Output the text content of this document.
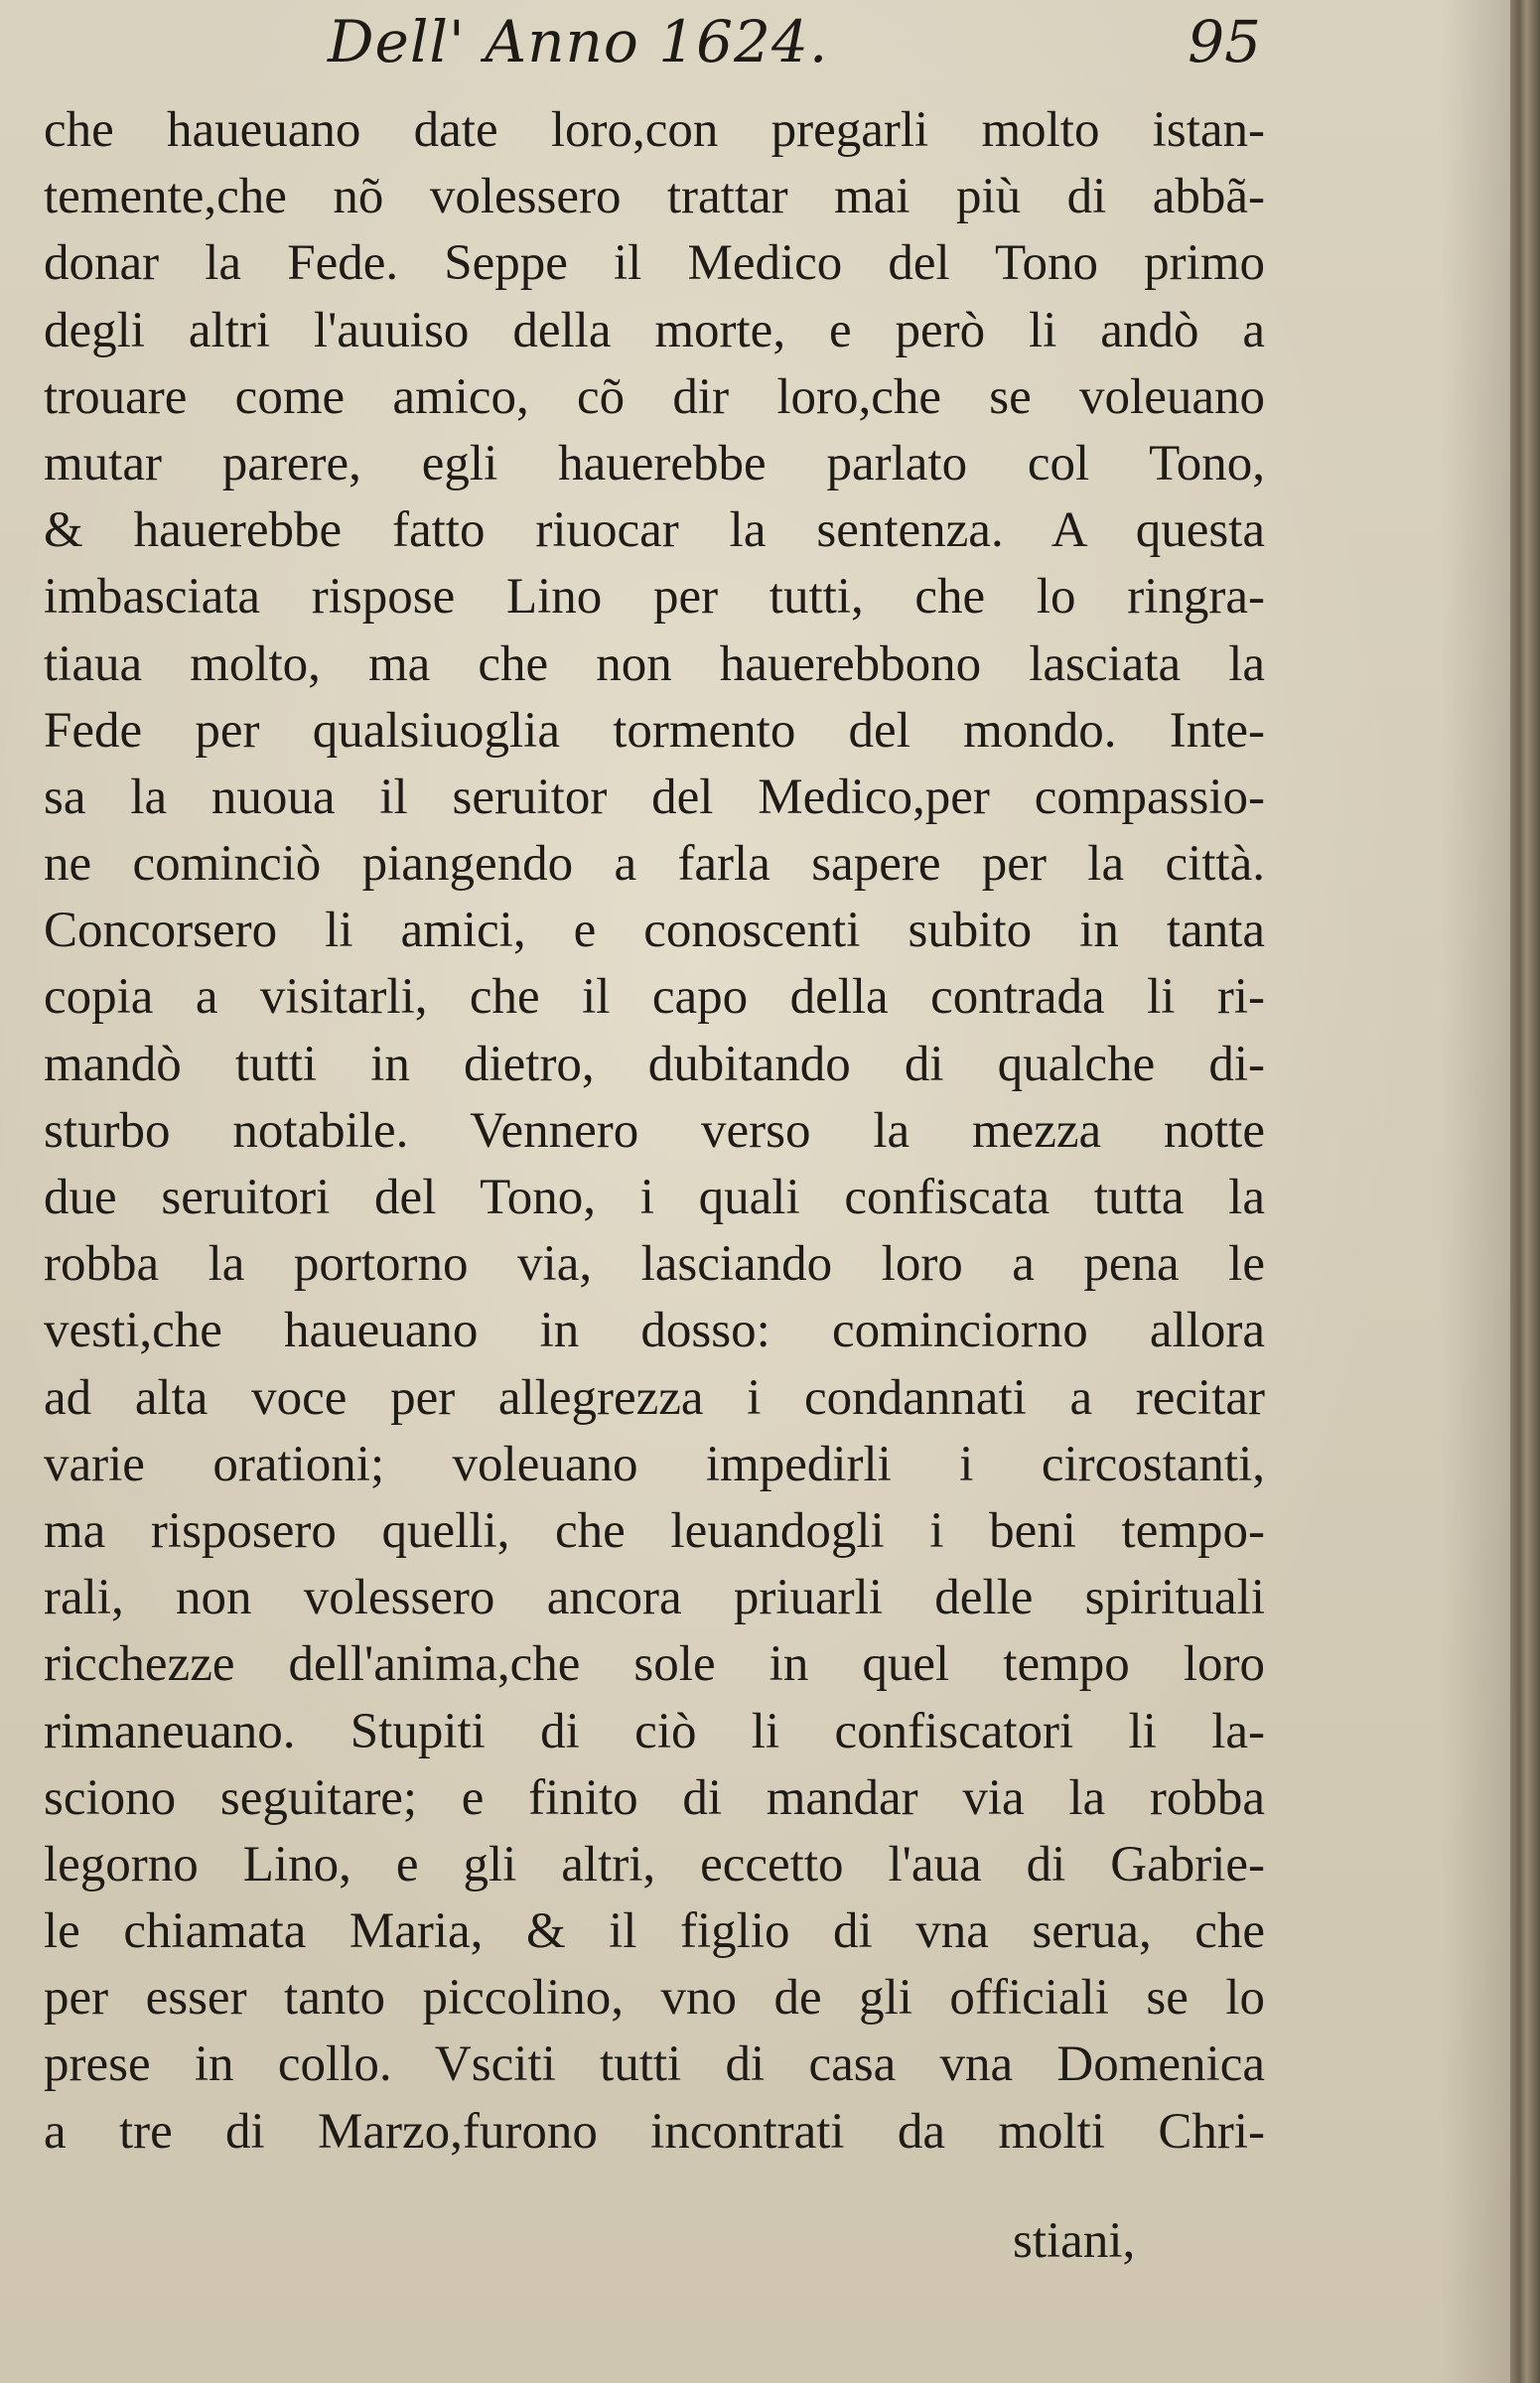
Dell' Anno 1624.	95
che haueuano date loro,con pregarli molto istan-
temente,che nõ volessero trattar mai più di abbã-
donar la Fede. Seppe il Medico del Tono primo
degli altri l'auuiso della morte, e però li andò a
trouare come amico, cõ dir loro,che se voleuano
mutar parere, egli hauerebbe parlato col Tono,
& hauerebbe fatto riuocar la sentenza. A questa
imbasciata rispose Lino per tutti, che lo ringra-
tiaua molto, ma che non hauerebbono lasciata la
Fede per qualsiuoglia tormento del mondo. Inte-
sa la nuoua il seruitor del Medico,per compassio-
ne cominciò piangendo a farla sapere per la città.
Concorsero li amici, e conoscenti subito in tanta
copia a visitarli, che il capo della contrada li ri-
mandò tutti in dietro, dubitando di qualche di-
sturbo notabile. Vennero verso la mezza notte
due seruitori del Tono, i quali confiscata tutta la
robba la portorno via, lasciando loro a pena le
vesti,che haueuano in dosso: cominciorno allora
ad alta voce per allegrezza i condannati a recitar
varie orationi; voleuano impedirli i circostanti,
ma risposero quelli, che leuandogli i beni tempo-
rali, non volessero ancora priuarli delle spirituali
ricchezze dell'anima,che sole in quel tempo loro
rimaneuano. Stupiti di ciò li confiscatori li la-
sciono seguitare; e finito di mandar via la robba
legorno Lino, e gli altri, eccetto l'aua di Gabrie-
le chiamata Maria, & il figlio di vna serua, che
per esser tanto piccolino, vno de gli officiali se lo
prese in collo. Vsciti tutti di casa vna Domenica
a tre di Marzo,furono incontrati da molti Chri-
stiani,
